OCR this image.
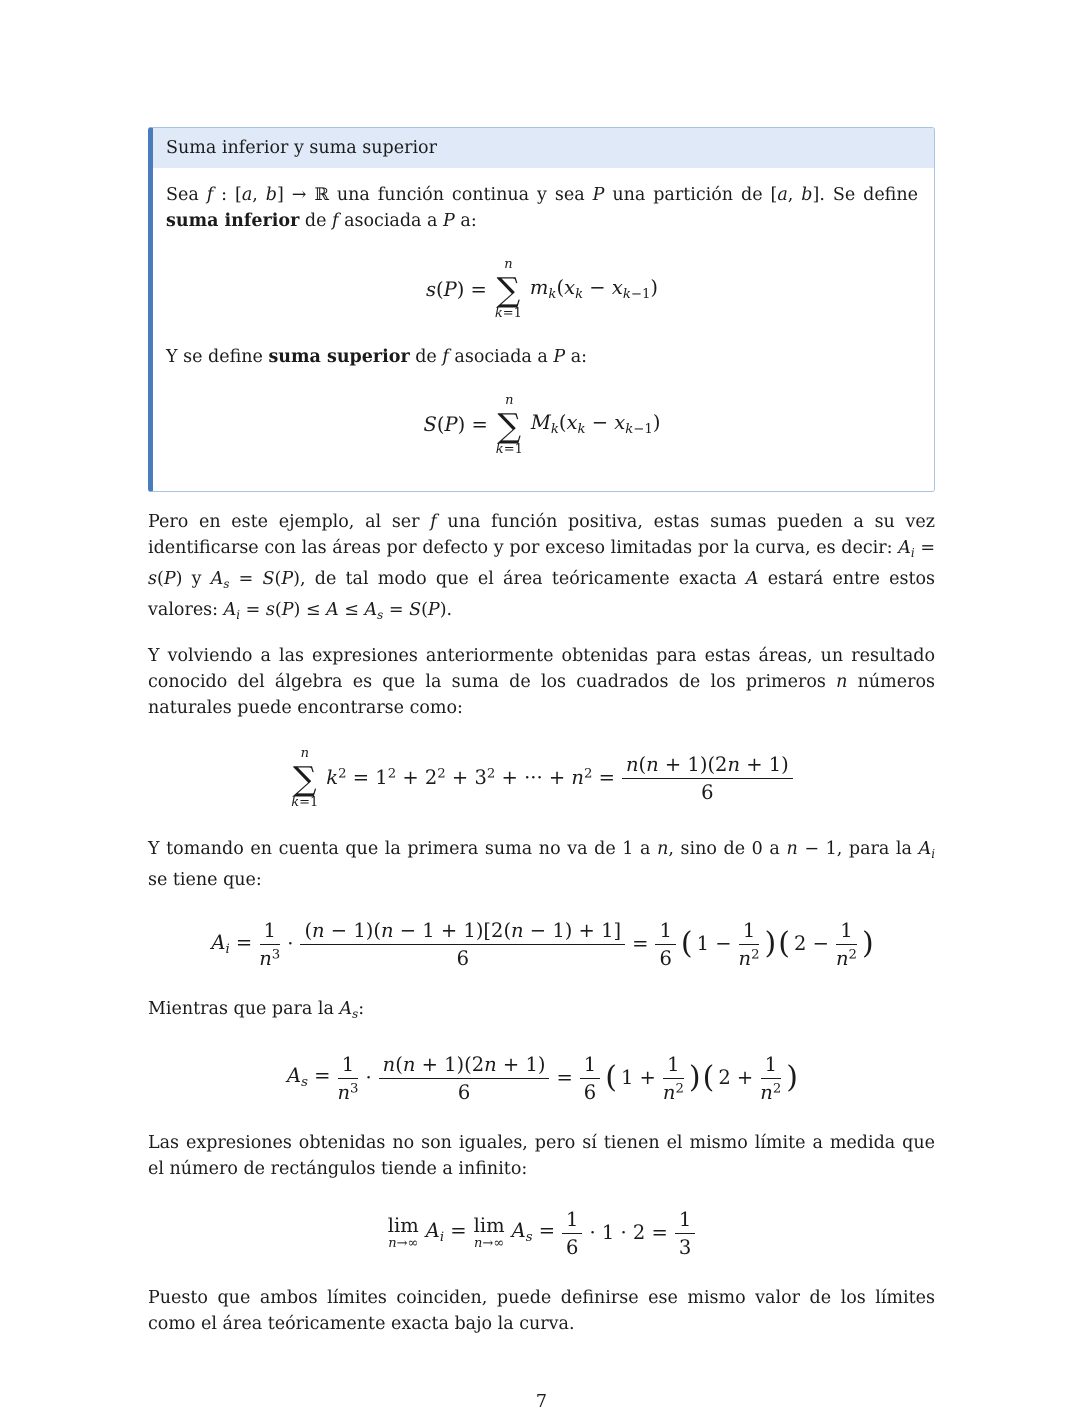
Suma inferior y suma superior

Sea f : [a, b] → ℝ una función continua y sea P una partición de [a, b]. Se define suma inferior de f asociada a P a:

s(P) =
n
∑
k=1
$m_k(x_k - x_{k-1})$

Y se define suma superior de f asociada a P a:

S(P) =
n
∑
k=1
$M_k(x_k - x_{k-1})$

Pero en este ejemplo, al ser f una función positiva, estas sumas pueden a su vez identificarse con las áreas por defecto y por exceso limitadas por la curva, es decir: $A_i = s(P)$ y $A_s = S(P)$, de tal modo que el área teóricamente exacta A estará entre estos valores: $A_i = s(P) \le A \le A_s = S(P)$.

Y volviendo a las expresiones anteriormente obtenidas para estas áreas, un resultado conocido del álgebra es que la suma de los cuadrados de los primeros n números naturales puede encontrarse como:

n
∑
k=1
$k^2 = 1^2 + 2^2 + 3^2$ + ··· + $n^2 = \frac{n(n + 1)(2n + 1)}{6}$

Y tomando en cuenta que la primera suma no va de 1 a n, sino de 0 a n − 1, para la $A_i$ se tiene que:

$A_i = \frac{1}{n^3} \cdot \frac{(n - 1)(n - 1 + 1)[2(n - 1) + 1]}{6} = \frac{1}{6}$ ( $1 - \frac{1}{n^2}$ ) ( $2 - \frac{1}{n^2}$ )

Mientras que para la $A_s$:

$A_s = \frac{1}{n^3} \cdot \frac{n(n + 1)(2n + 1)}{6} = \frac{1}{6}$ ( $1 + \frac{1}{n^2}$ ) ( $2 + \frac{1}{n^2}$ )

Las expresiones obtenidas no son iguales, pero sí tienen el mismo límite a medida que el número de rectángulos tiende a infinito:

lim
n→∞
$A_i = \lim$
n→∞
$A_s = \frac{1}{6} \cdot 1 \cdot 2 = \frac{1}{3}$

Puesto que ambos límites coinciden, puede definirse ese mismo valor de los límites como el área teóricamente exacta bajo la curva.

7
